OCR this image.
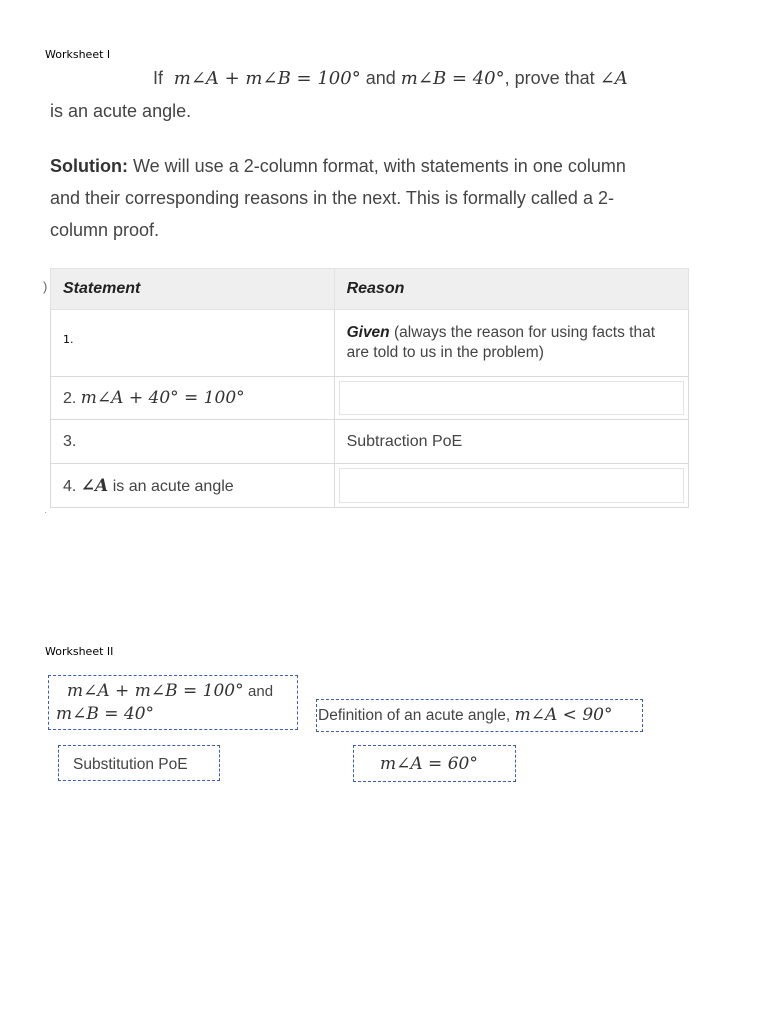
Worksheet I
If  m∠A + m∠B = 100° and m∠B = 40°, prove that ∠A
is an acute angle.
Solution: We will use a 2-column format, with statements in one column
and their corresponding reasons in the next. This is formally called a 2-
column proof.
) Statement	Reason
$^{1.}$	Given (always the reason for using facts that are told to us in the problem)
2. m∠A + 40° = 100°	
3.	Subtraction PoE
4. ∠A is an acute angle	
·
Worksheet II
m∠A + m∠B = 100° and
m∠B = 40°	Definition of an acute angle, m∠A < 90°
Substitution PoE	m∠A = 60°
